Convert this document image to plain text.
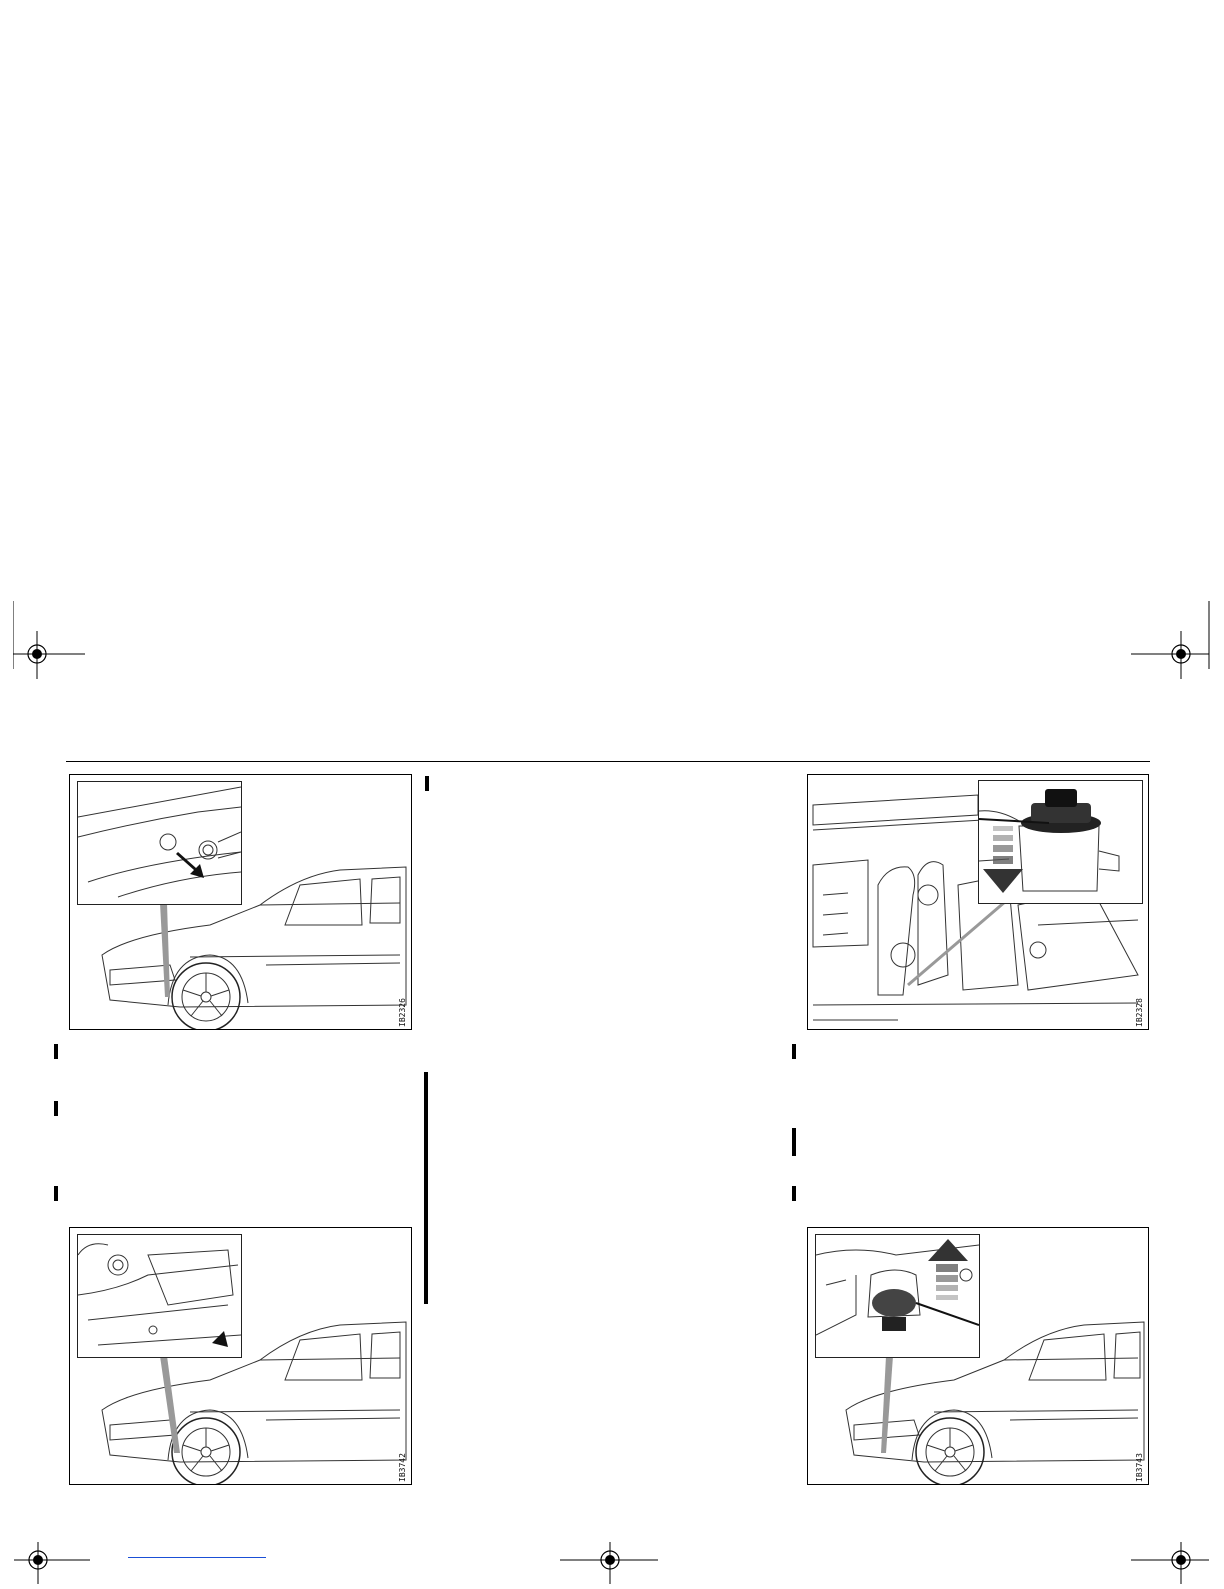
IB2326	IB2328
IB3742	IB3743
